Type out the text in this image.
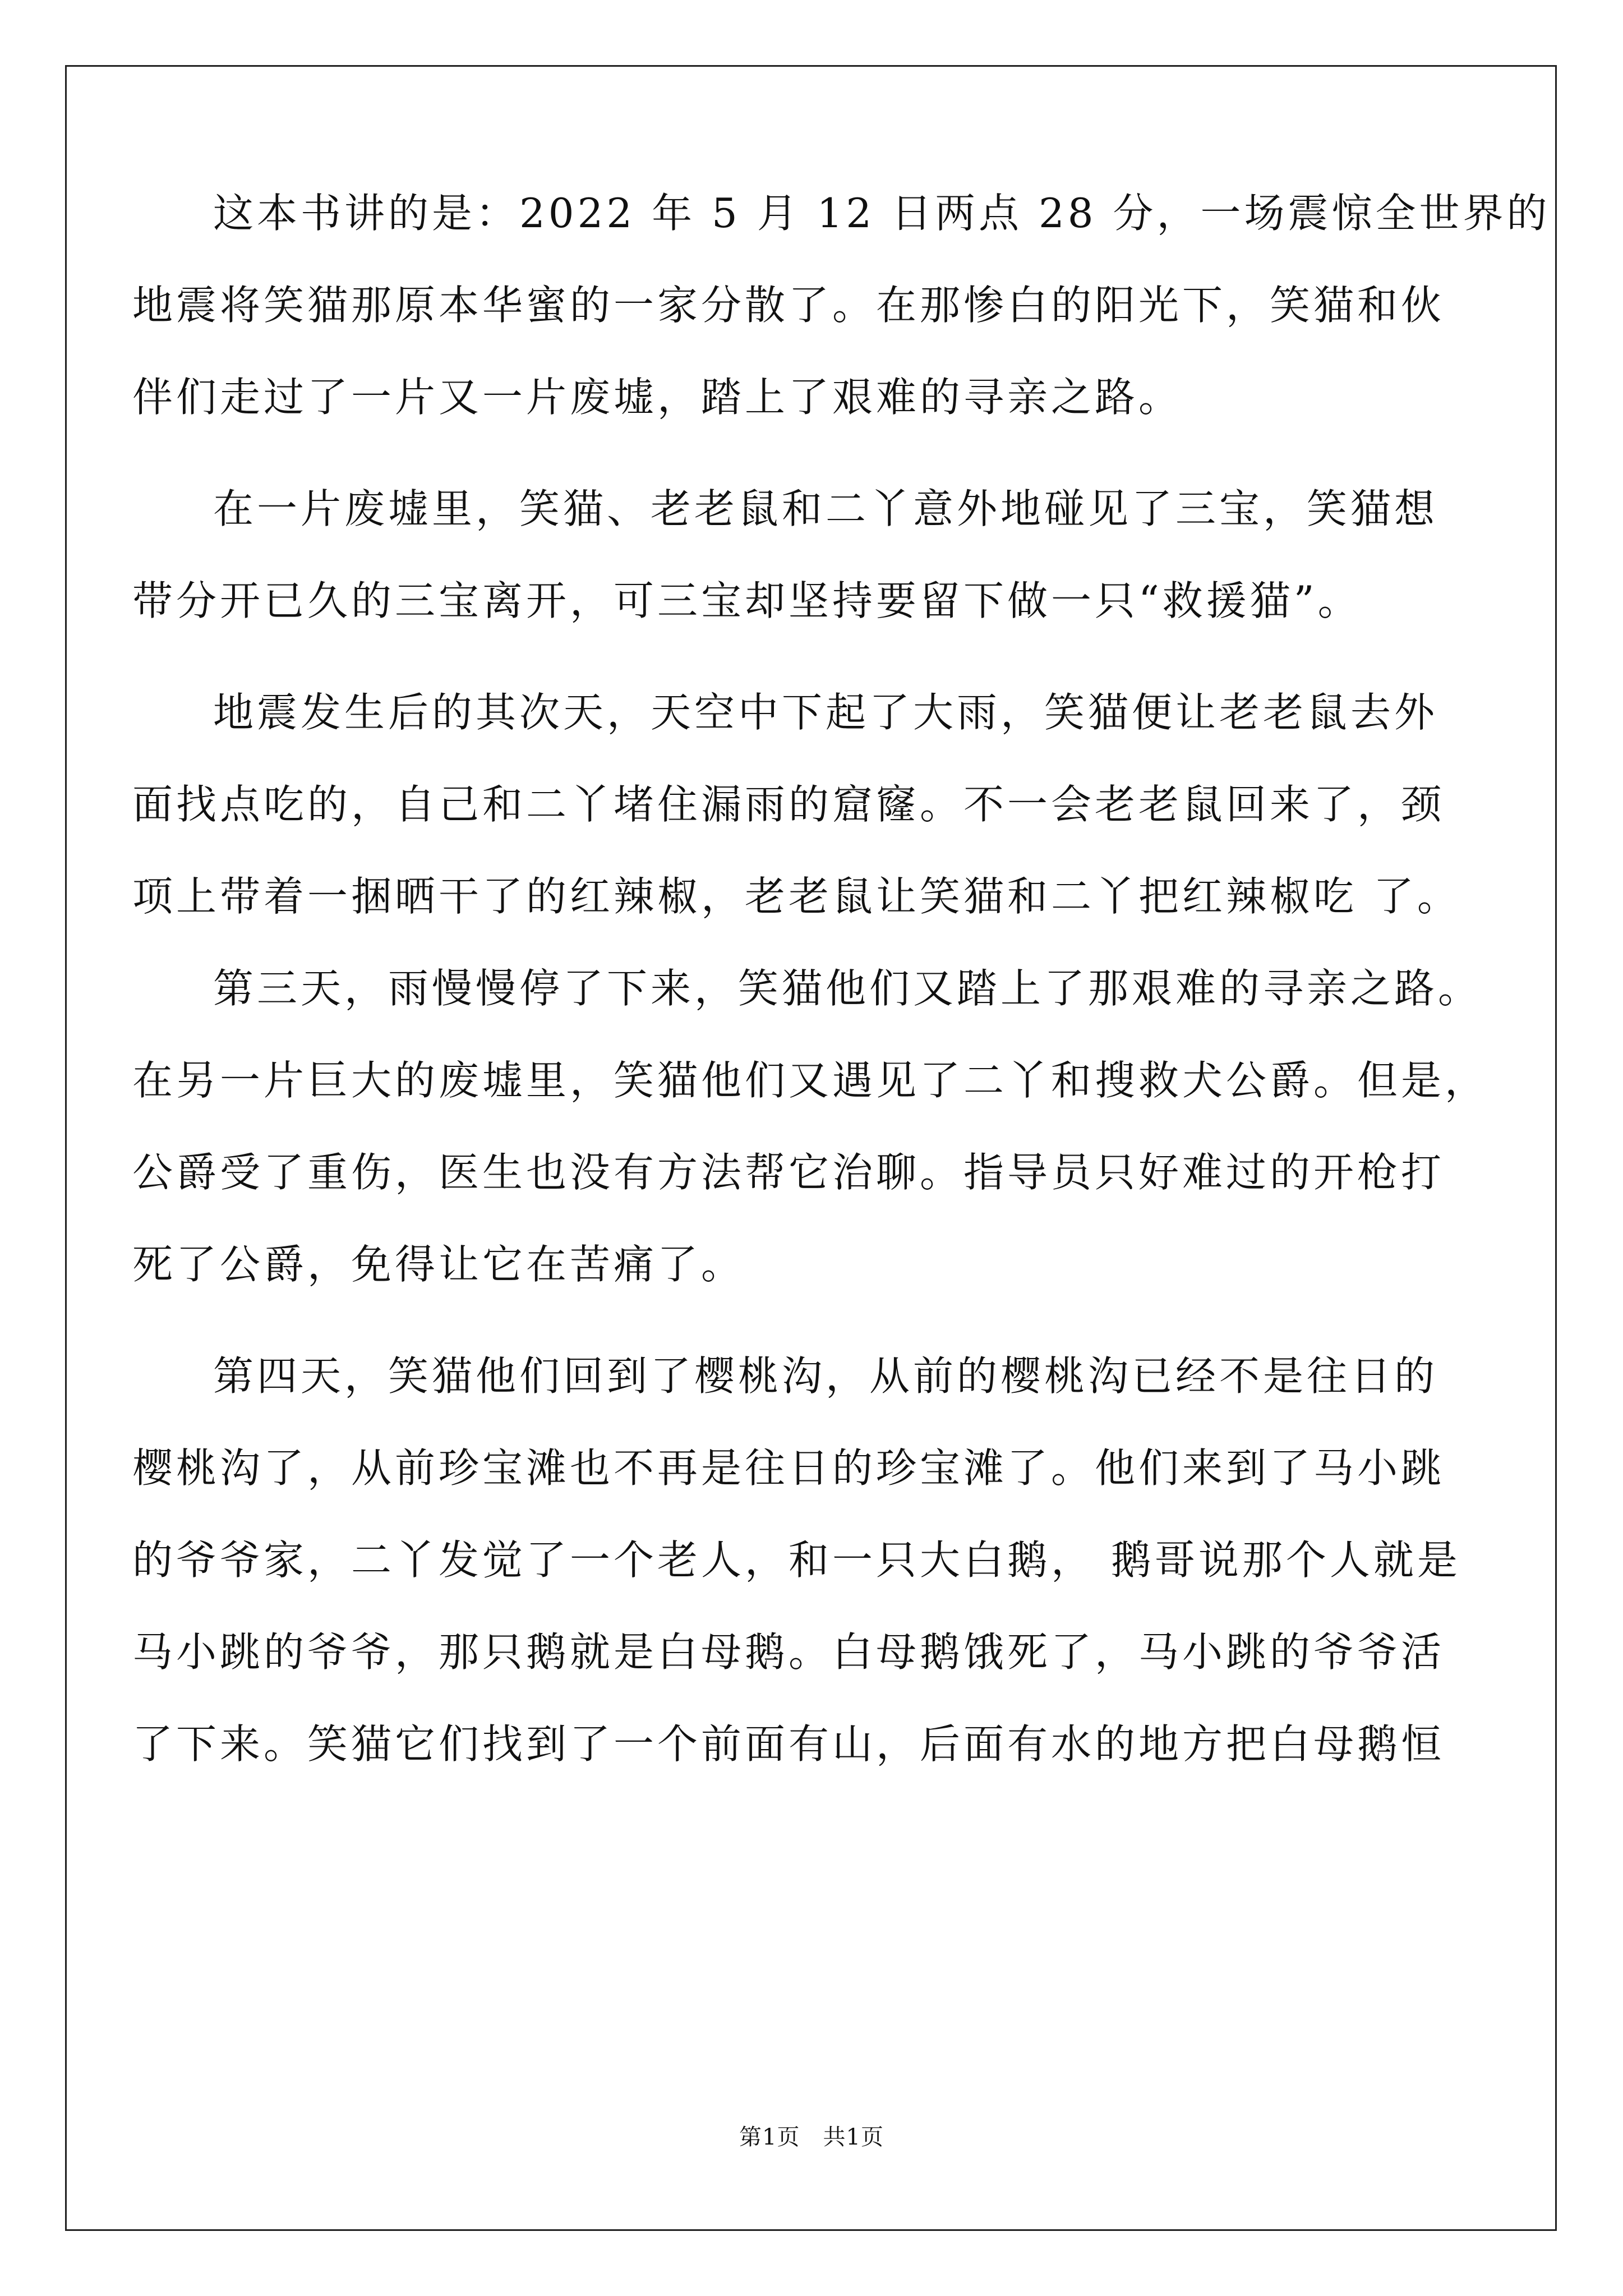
这本书讲的是：2022 年 5 月 12 日两点 28 分，一场震惊全世界的
地震将笑猫那原本华蜜的一家分散了。在那惨白的阳光下，笑猫和伙
伴们走过了一片又一片废墟，踏上了艰难的寻亲之路。
在一片废墟里，笑猫、老老鼠和二丫意外地碰见了三宝，笑猫想
带分开已久的三宝离开，可三宝却坚持要留下做一只“救援猫”。
地震发生后的其次天，天空中下起了大雨，笑猫便让老老鼠去外
面找点吃的，自己和二丫堵住漏雨的窟窿。不一会老老鼠回来了，颈
项上带着一捆晒干了的红辣椒，老老鼠让笑猫和二丫把红辣椒吃 了。
第三天，雨慢慢停了下来，笑猫他们又踏上了那艰难的寻亲之路。
在另一片巨大的废墟里，笑猫他们又遇见了二丫和搜救犬公爵。但是，
公爵受了重伤，医生也没有方法帮它治聊。指导员只好难过的开枪打
死了公爵，免得让它在苦痛了。
第四天，笑猫他们回到了樱桃沟，从前的樱桃沟已经不是往日的
樱桃沟了，从前珍宝滩也不再是往日的珍宝滩了。他们来到了马小跳
的爷爷家，二丫发觉了一个老人，和一只大白鹅， 鹅哥说那个人就是
马小跳的爷爷，那只鹅就是白母鹅。白母鹅饿死了，马小跳的爷爷活
了下来。笑猫它们找到了一个前面有山，后面有水的地方把白母鹅恒
第1页　共1页
